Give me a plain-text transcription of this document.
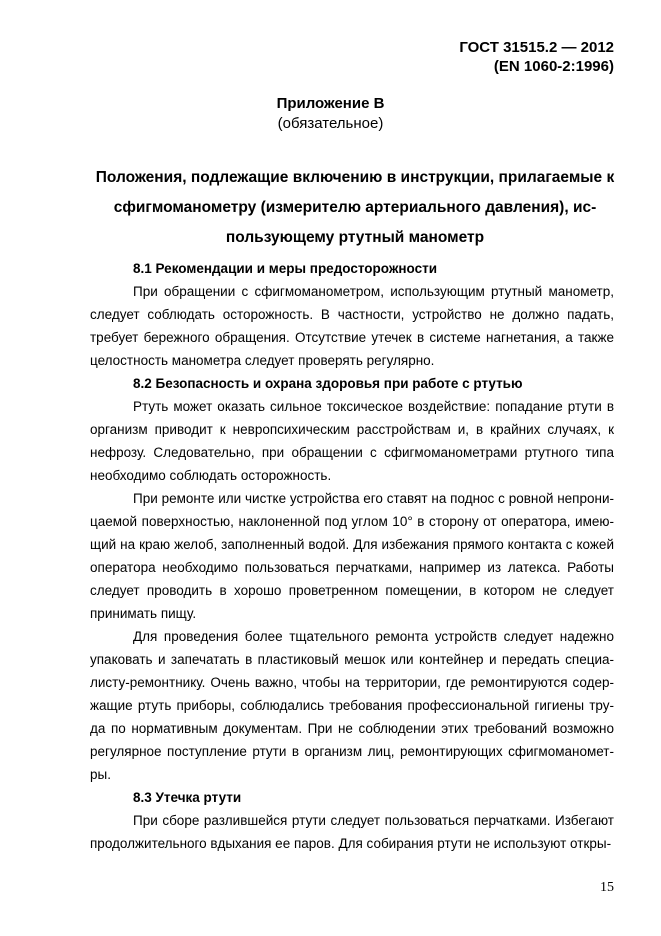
ГОСТ 31515.2 — 2012
(EN 1060-2:1996)
Приложение В
(обязательное)
Положения, подлежащие включению в инструкции, прилагаемые к сфигмоманометру (измерителю артериального давления), ис-пользующему ртутный манометр

8.1 Рекомендации и меры предосторожности

При обращении с сфигмоманометром, использующим ртутный манометр, следует соблюдать осторожность. В частности, устройство не должно падать, требует бережного обращения. Отсутствие утечек в системе нагнетания, а также целостность манометра следует проверять регулярно.

8.2 Безопасность и охрана здоровья при работе с ртутью

Ртуть может оказать сильное токсическое воздействие: попадание ртути в организм приводит к невропсихическим расстройствам и, в крайних случаях, к нефрозу. Следовательно, при обращении с сфигмоманометрами ртутного типа необходимо соблюдать осторожность.

При ремонте или чистке устройства его ставят на поднос с ровной непрони-цаемой поверхностью, наклоненной под углом 10° в сторону от оператора, имею-щий на краю желоб, заполненный водой. Для избежания прямого контакта с кожей оператора необходимо пользоваться перчатками, например из латекса. Работы следует проводить в хорошо проветренном помещении, в котором не следует принимать пищу.

Для проведения более тщательного ремонта устройств следует надежно упаковать и запечатать в пластиковый мешок или контейнер и передать специа-листу-ремонтнику. Очень важно, чтобы на территории, где ремонтируются содер-жащие ртуть приборы, соблюдались требования профессиональной гигиены тру-да по нормативным документам. При не соблюдении этих требований возможно регулярное поступление ртути в организм лиц, ремонтирующих сфигмоманомет-ры.

8.3 Утечка ртути

При сборе разлившейся ртути следует пользоваться перчатками. Избегают продолжительного вдыхания ее паров. Для собирания ртути не используют откры-

15
